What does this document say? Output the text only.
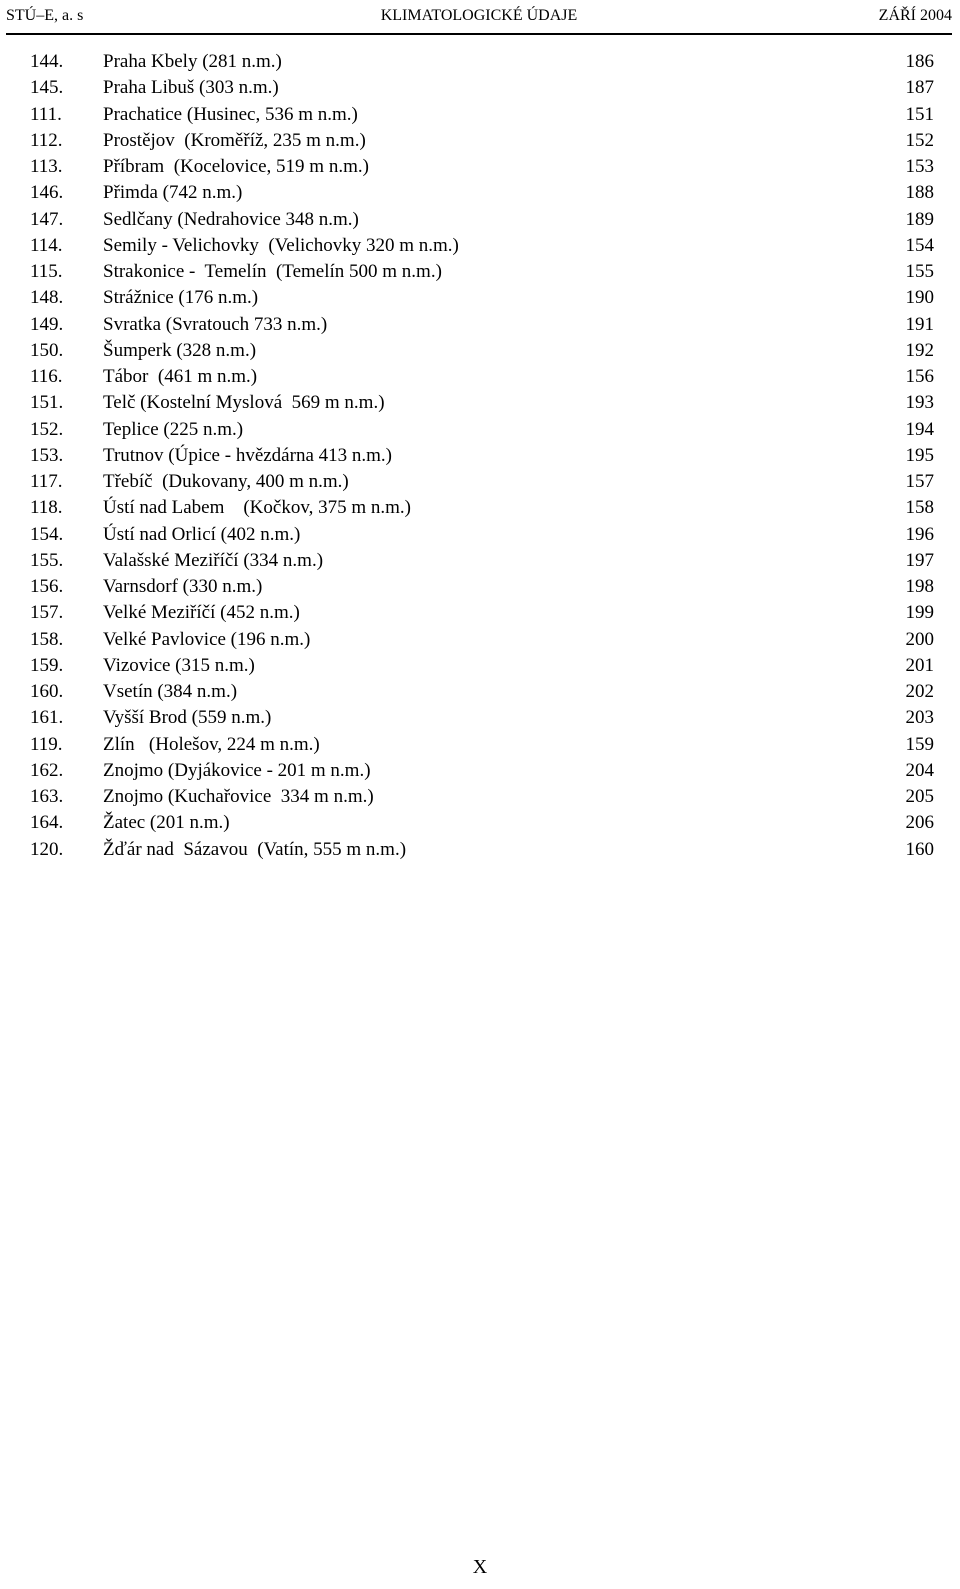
STÚ–E, a. s	KLIMATOLOGICKÉ ÚDAJE	ZÁŘÍ 2004
144. Praha Kbely (281 n.m.)	186
145. Praha Libuš (303 n.m.)	187
111. Prachatice (Husinec, 536 m n.m.)	151
112. Prostějov  (Kroměříž, 235 m n.m.)	152
113. Příbram  (Kocelovice, 519 m n.m.)	153
146. Přimda (742 n.m.)	188
147. Sedlčany (Nedrahovice 348 n.m.)	189
114. Semily - Velichovky  (Velichovky 320 m n.m.)	154
115. Strakonice -  Temelín  (Temelín 500 m n.m.)	155
148. Strážnice (176 n.m.)	190
149. Svratka (Svratouch 733 n.m.)	191
150. Šumperk (328 n.m.)	192
116. Tábor  (461 m n.m.)	156
151. Telč (Kostelní Myslová  569 m n.m.)	193
152. Teplice (225 n.m.)	194
153. Trutnov (Úpice - hvězdárna 413 n.m.)	195
117. Třebíč  (Dukovany, 400 m n.m.)	157
118. Ústí nad Labem    (Kočkov, 375 m n.m.)	158
154. Ústí nad Orlicí (402 n.m.)	196
155. Valašské Meziříčí (334 n.m.)	197
156. Varnsdorf (330 n.m.)	198
157. Velké Meziříčí (452 n.m.)	199
158. Velké Pavlovice (196 n.m.)	200
159. Vizovice (315 n.m.)	201
160. Vsetín (384 n.m.)	202
161. Vyšší Brod (559 n.m.)	203
119. Zlín   (Holešov, 224 m n.m.)	159
162. Znojmo (Dyjákovice - 201 m n.m.)	204
163. Znojmo (Kuchařovice  334 m n.m.)	205
164. Žatec (201 n.m.)	206
120. Žďár nad  Sázavou  (Vatín, 555 m n.m.)	160
X
